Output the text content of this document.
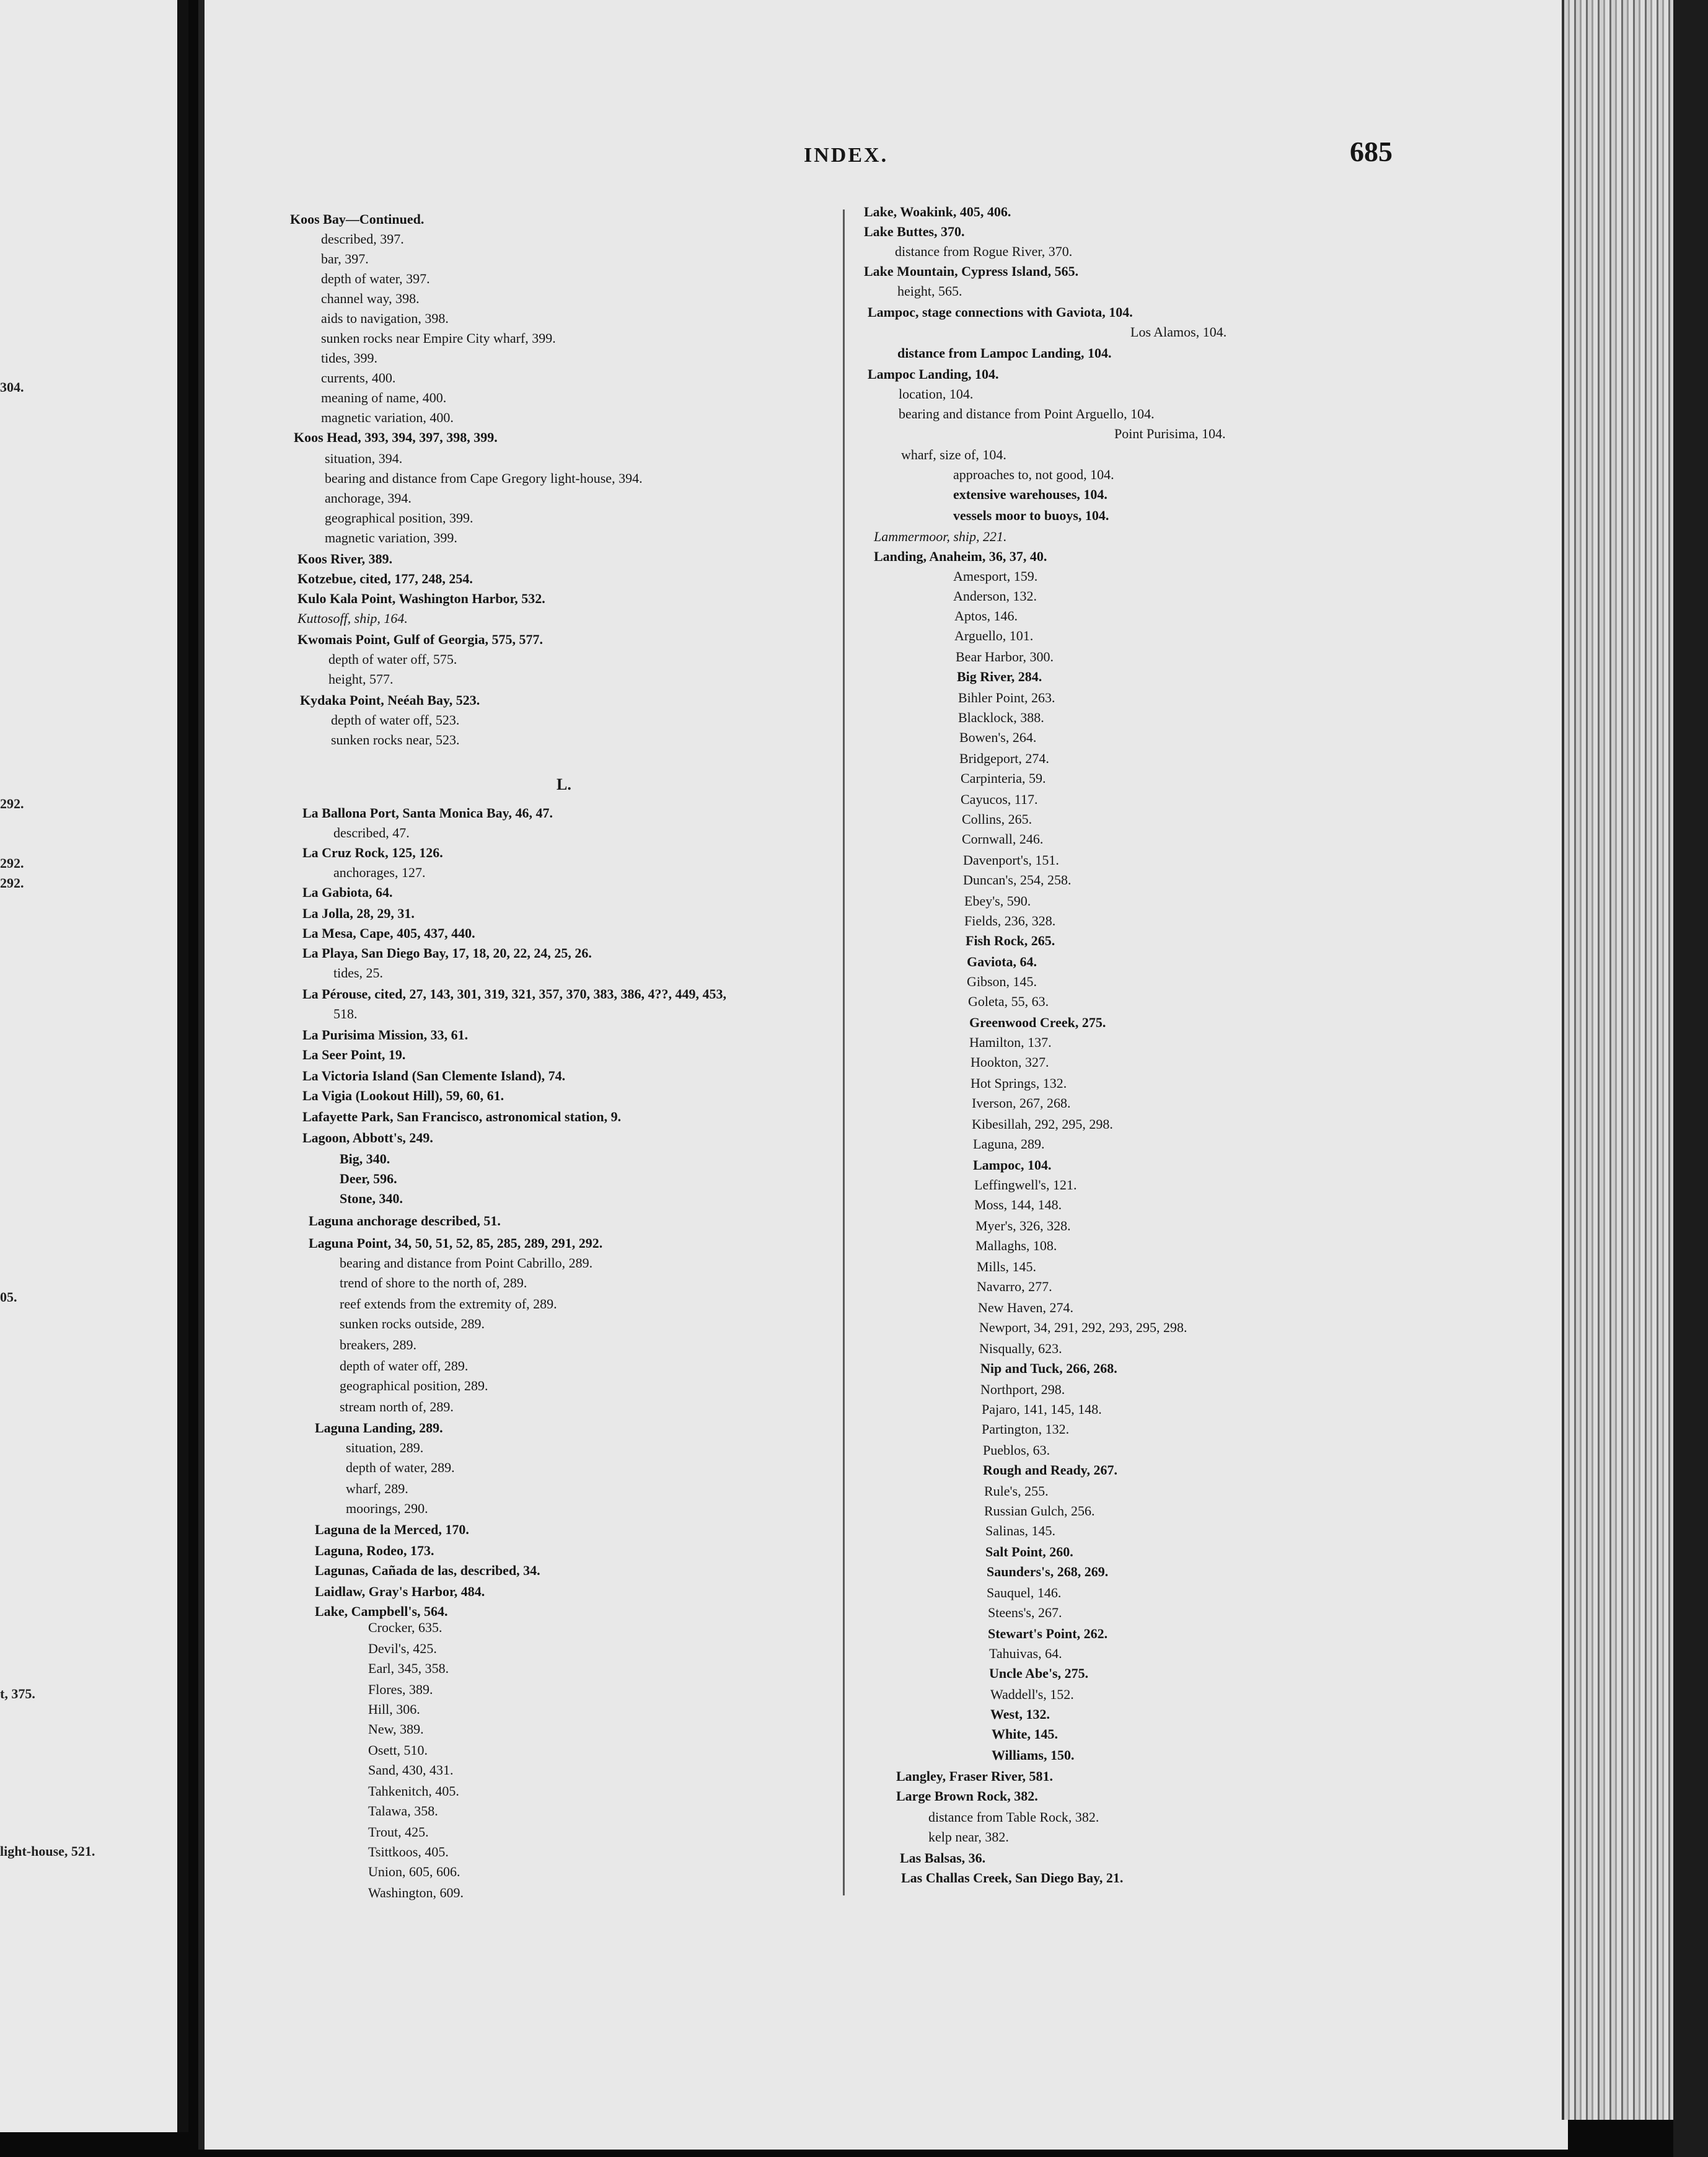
304.
292.
292.
292.
05.
t, 375.
light-house, 521.
INDEX.	685
Koos Bay—Continued.
described, 397.
bar, 397.
depth of water, 397.
channel way, 398.
aids to navigation, 398.
sunken rocks near Empire City wharf, 399.
tides, 399.
currents, 400.
meaning of name, 400.
magnetic variation, 400.
Koos Head, 393, 394, 397, 398, 399.
situation, 394.
bearing and distance from Cape Gregory light-house, 394.
anchorage, 394.
geographical position, 399.
magnetic variation, 399.
Koos River, 389.
Kotzebue, cited, 177, 248, 254.
Kulo Kala Point, Washington Harbor, 532.
Kuttosoff, ship, 164.
Kwomais Point, Gulf of Georgia, 575, 577.
depth of water off, 575.
height, 577.
Kydaka Point, Neéah Bay, 523.
depth of water off, 523.
sunken rocks near, 523.
L.
La Ballona Port, Santa Monica Bay, 46, 47.
described, 47.
La Cruz Rock, 125, 126.
anchorages, 127.
La Gabiota, 64.
La Jolla, 28, 29, 31.
La Mesa, Cape, 405, 437, 440.
La Playa, San Diego Bay, 17, 18, 20, 22, 24, 25, 26.
tides, 25.
La Pérouse, cited, 27, 143, 301, 319, 321, 357, 370, 383, 386, 4??, 449, 453,
518.
La Purisima Mission, 33, 61.
La Seer Point, 19.
La Victoria Island (San Clemente Island), 74.
La Vigia (Lookout Hill), 59, 60, 61.
Lafayette Park, San Francisco, astronomical station, 9.
Lagoon, Abbott's, 249.
Big, 340.
Deer, 596.
Stone, 340.
Laguna anchorage described, 51.
Laguna Point, 34, 50, 51, 52, 85, 285, 289, 291, 292.
bearing and distance from Point Cabrillo, 289.
trend of shore to the north of, 289.
reef extends from the extremity of, 289.
sunken rocks outside, 289.
breakers, 289.
depth of water off, 289.
geographical position, 289.
stream north of, 289.
Laguna Landing, 289.
situation, 289.
depth of water, 289.
wharf, 289.
moorings, 290.
Laguna de la Merced, 170.
Laguna, Rodeo, 173.
Lagunas, Cañada de las, described, 34.
Laidlaw, Gray's Harbor, 484.
Lake, Campbell's, 564.
Crocker, 635.
Devil's, 425.
Earl, 345, 358.
Flores, 389.
Hill, 306.
New, 389.
Osett, 510.
Sand, 430, 431.
Tahkenitch, 405.
Talawa, 358.
Trout, 425.
Tsittkoos, 405.
Union, 605, 606.
Washington, 609.
Lake, Woakink, 405, 406.
Lake Buttes, 370.
distance from Rogue River, 370.
Lake Mountain, Cypress Island, 565.
height, 565.
Lampoc, stage connections with Gaviota, 104.
Los Alamos, 104.
distance from Lampoc Landing, 104.
Lampoc Landing, 104.
location, 104.
bearing and distance from Point Arguello, 104.
Point Purisima, 104.
wharf, size of, 104.
approaches to, not good, 104.
extensive warehouses, 104.
vessels moor to buoys, 104.
Lammermoor, ship, 221.
Landing, Anaheim, 36, 37, 40.
Amesport, 159.
Anderson, 132.
Aptos, 146.
Arguello, 101.
Bear Harbor, 300.
Big River, 284.
Bihler Point, 263.
Blacklock, 388.
Bowen's, 264.
Bridgeport, 274.
Carpinteria, 59.
Cayucos, 117.
Collins, 265.
Cornwall, 246.
Davenport's, 151.
Duncan's, 254, 258.
Ebey's, 590.
Fields, 236, 328.
Fish Rock, 265.
Gaviota, 64.
Gibson, 145.
Goleta, 55, 63.
Greenwood Creek, 275.
Hamilton, 137.
Hookton, 327.
Hot Springs, 132.
Iverson, 267, 268.
Kibesillah, 292, 295, 298.
Laguna, 289.
Lampoc, 104.
Leffingwell's, 121.
Moss, 144, 148.
Myer's, 326, 328.
Mallaghs, 108.
Mills, 145.
Navarro, 277.
New Haven, 274.
Newport, 34, 291, 292, 293, 295, 298.
Nisqually, 623.
Nip and Tuck, 266, 268.
Northport, 298.
Pajaro, 141, 145, 148.
Partington, 132.
Pueblos, 63.
Rough and Ready, 267.
Rule's, 255.
Russian Gulch, 256.
Salinas, 145.
Salt Point, 260.
Saunders's, 268, 269.
Sauquel, 146.
Steens's, 267.
Stewart's Point, 262.
Tahuivas, 64.
Uncle Abe's, 275.
Waddell's, 152.
West, 132.
White, 145.
Williams, 150.
Langley, Fraser River, 581.
Large Brown Rock, 382.
distance from Table Rock, 382.
kelp near, 382.
Las Balsas, 36.
Las Challas Creek, San Diego Bay, 21.
